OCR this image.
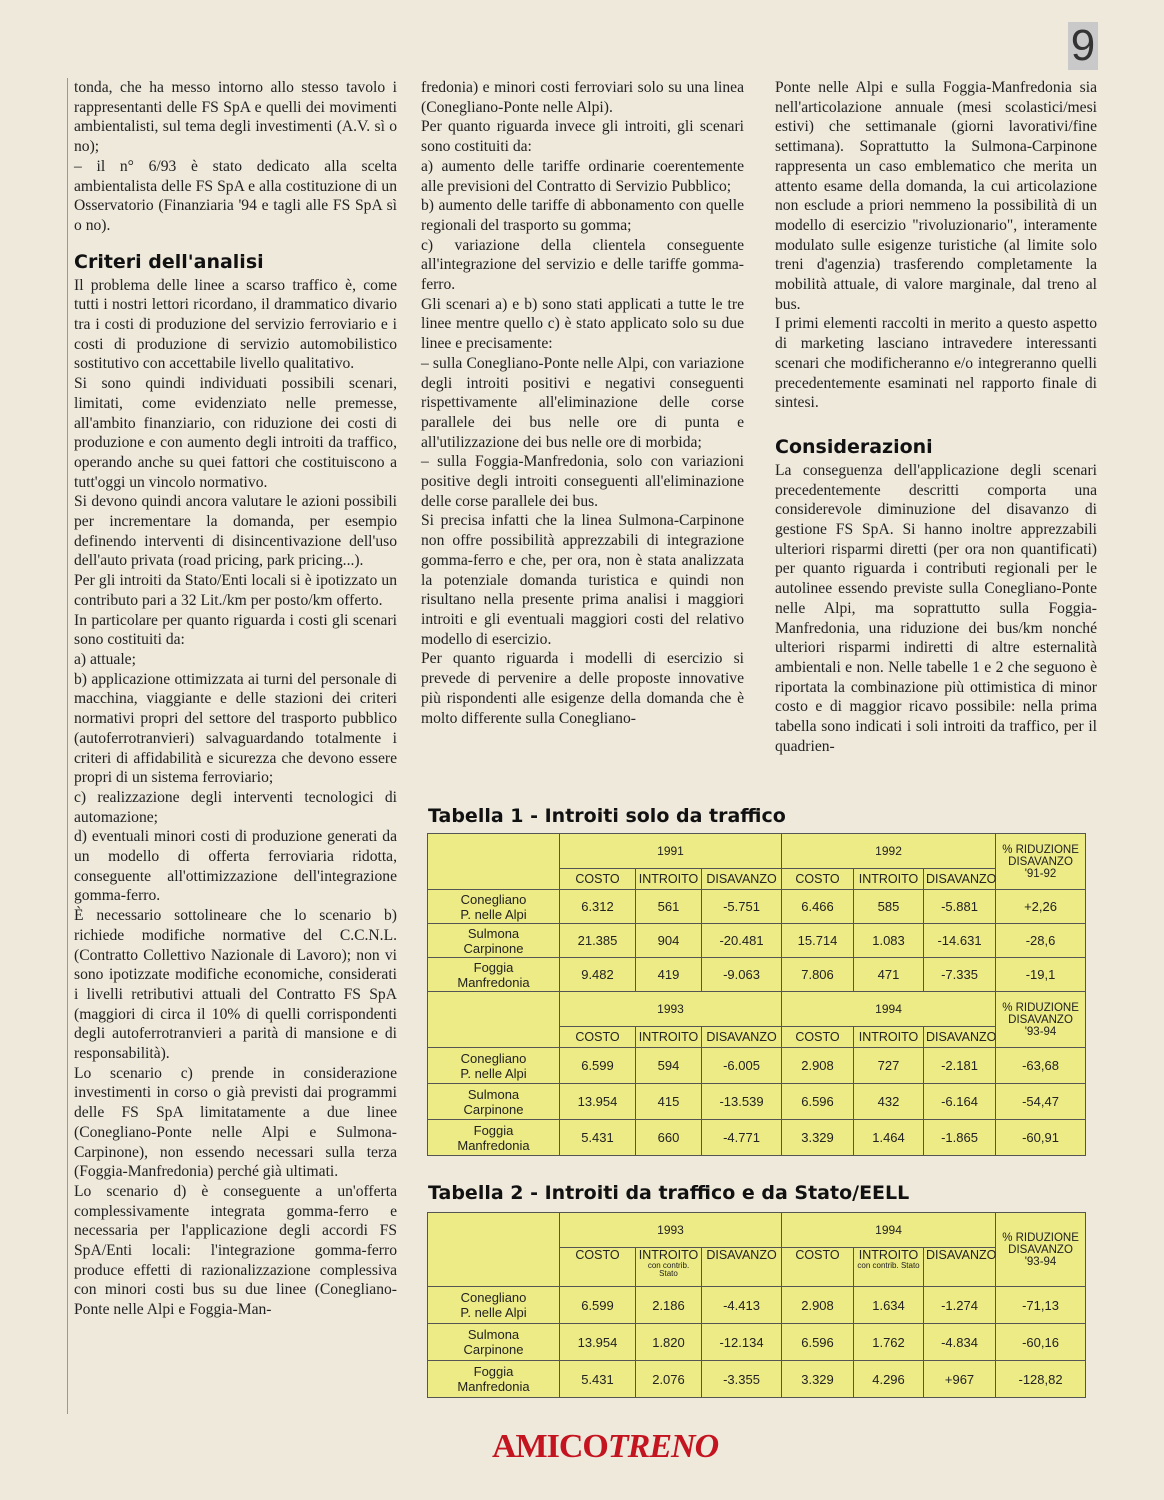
9

tonda, che ha messo intorno allo stesso tavolo i rappresentanti delle FS SpA e quelli dei movimenti ambientalisti, sul tema degli investimenti (A.V. sì o no);

– il n° 6/93 è stato dedicato alla scelta ambientalista delle FS SpA e alla costituzione di un Osservatorio (Finanziaria '94 e tagli alle FS SpA sì o no).

Criteri dell'analisi

Il problema delle linee a scarso traffico è, come tutti i nostri lettori ricordano, il drammatico divario tra i costi di produzione del servizio ferroviario e i costi di produzione di servizio automobilistico sostitutivo con accettabile livello qualitativo.

Si sono quindi individuati possibili scenari, limitati, come evidenziato nelle premesse, all'ambito finanziario, con riduzione dei costi di produzione e con aumento degli introiti da traffico, operando anche su quei fattori che costituiscono a tutt'oggi un vincolo normativo.

Si devono quindi ancora valutare le azioni possibili per incrementare la domanda, per esempio definendo interventi di disincentivazione dell'uso dell'auto privata (road pricing, park pricing...).

Per gli introiti da Stato/Enti locali si è ipotizzato un contributo pari a 32 Lit./km per posto/km offerto.

In particolare per quanto riguarda i costi gli scenari sono costituiti da:

a) attuale;

b) applicazione ottimizzata ai turni del personale di macchina, viaggiante e delle stazioni dei criteri normativi propri del settore del trasporto pubblico (autoferrotranvieri) salvaguardando totalmente i criteri di affidabilità e sicurezza che devono essere propri di un sistema ferroviario;

c) realizzazione degli interventi tecnologici di automazione;

d) eventuali minori costi di produzione generati da un modello di offerta ferroviaria ridotta, conseguente all'ottimizzazione dell'integrazione gomma-ferro.

È necessario sottolineare che lo scenario b) richiede modifiche normative del C.C.N.L. (Contratto Collettivo Nazionale di Lavoro); non vi sono ipotizzate modifiche economiche, considerati i livelli retributivi attuali del Contratto FS SpA (maggiori di circa il 10% di quelli corrispondenti degli autoferrotranvieri a parità di mansione e di responsabilità).

Lo scenario c) prende in considerazione investimenti in corso o già previsti dai programmi delle FS SpA limitatamente a due linee (Conegliano-Ponte nelle Alpi e Sulmona-Carpinone), non essendo necessari sulla terza (Foggia-Manfredonia) perché già ultimati.

Lo scenario d) è conseguente a un'offerta complessivamente integrata gomma-ferro e necessaria per l'applicazione degli accordi FS SpA/Enti locali: l'integrazione gomma-ferro produce effetti di razionalizzazione complessiva con minori costi bus su due linee (Conegliano-Ponte nelle Alpi e Foggia-Man-

fredonia) e minori costi ferroviari solo su una linea (Conegliano-Ponte nelle Alpi).

Per quanto riguarda invece gli introiti, gli scenari sono costituiti da:

a) aumento delle tariffe ordinarie coerentemente alle previsioni del Contratto di Servizio Pubblico;

b) aumento delle tariffe di abbonamento con quelle regionali del trasporto su gomma;

c) variazione della clientela conseguente all'integrazione del servizio e delle tariffe gomma-ferro.

Gli scenari a) e b) sono stati applicati a tutte le tre linee mentre quello c) è stato applicato solo su due linee e precisamente:

– sulla Conegliano-Ponte nelle Alpi, con variazione degli introiti positivi e negativi conseguenti rispettivamente all'eliminazione delle corse parallele dei bus nelle ore di punta e all'utilizzazione dei bus nelle ore di morbida;

– sulla Foggia-Manfredonia, solo con variazioni positive degli introiti conseguenti all'eliminazione delle corse parallele dei bus.

Si precisa infatti che la linea Sulmona-Carpinone non offre possibilità apprezzabili di integrazione gomma-ferro e che, per ora, non è stata analizzata la potenziale domanda turistica e quindi non risultano nella presente prima analisi i maggiori introiti e gli eventuali maggiori costi del relativo modello di esercizio.

Per quanto riguarda i modelli di esercizio si prevede di pervenire a delle proposte innovative più rispondenti alle esigenze della domanda che è molto differente sulla Conegliano-

Ponte nelle Alpi e sulla Foggia-Manfredonia sia nell'articolazione annuale (mesi scolastici/mesi estivi) che settimanale (giorni lavorativi/fine settimana). Soprattutto la Sulmona-Carpinone rappresenta un caso emblematico che merita un attento esame della domanda, la cui articolazione non esclude a priori nemmeno la possibilità di un modello di esercizio "rivoluzionario", interamente modulato sulle esigenze turistiche (al limite solo treni d'agenzia) trasferendo completamente la mobilità attuale, di valore marginale, dal treno al bus.

I primi elementi raccolti in merito a questo aspetto di marketing lasciano intravedere interessanti scenari che modificheranno e/o integreranno quelli precedentemente esaminati nel rapporto finale di sintesi.

Considerazioni

La conseguenza dell'applicazione degli scenari precedentemente descritti comporta una considerevole diminuzione del disavanzo di gestione FS SpA. Si hanno inoltre apprezzabili ulteriori risparmi diretti (per ora non quantificati) per quanto riguarda i contributi regionali per le autolinee essendo previste sulla Conegliano-Ponte nelle Alpi, ma soprattutto sulla Foggia-Manfredonia, una riduzione dei bus/km nonché ulteriori risparmi indiretti di altre esternalità ambientali e non. Nelle tabelle 1 e 2 che seguono è riportata la combinazione più ottimistica di minor costo e di maggior ricavo possibile: nella prima tabella sono indicati i soli introiti da traffico, per il quadrien-

Tabella 1 - Introiti solo da traffico
	1991			1992			% RIDUZIONE DISAVANZO
'91-92
	COSTO	INTROITO	DISAVANZO	COSTO	INTROITO	DISAVANZO	
Conegliano
P. nelle Alpi	6.312	561	-5.751	6.466	585	-5.881	+2,26
Sulmona
Carpinone	21.385	904	-20.481	15.714	1.083	-14.631	-28,6
Foggia
Manfredonia	9.482	419	-9.063	7.806	471	-7.335	-19,1
	1993			1994			% RIDUZIONE DISAVANZO
'93-94
	COSTO	INTROITO	DISAVANZO	COSTO	INTROITO	DISAVANZO	
Conegliano
P. nelle Alpi	6.599	594	-6.005	2.908	727	-2.181	-63,68
Sulmona
Carpinone	13.954	415	-13.539	6.596	432	-6.164	-54,47
Foggia
Manfredonia	5.431	660	-4.771	3.329	1.464	-1.865	-60,91
Tabella 2 - Introiti da traffico e da Stato/EELL
	1993			1994			% RIDUZIONE DISAVANZO
'93-94
	COSTO	INTROITO
con contrib. Stato	DISAVANZO	COSTO	INTROITO
con contrib. Stato	DISAVANZO	
Conegliano
P. nelle Alpi	6.599	2.186	-4.413	2.908	1.634	-1.274	-71,13
Sulmona
Carpinone	13.954	1.820	-12.134	6.596	1.762	-4.834	-60,16
Foggia
Manfredonia	5.431	2.076	-3.355	3.329	4.296	+967	-128,82
AMICOTRENO
